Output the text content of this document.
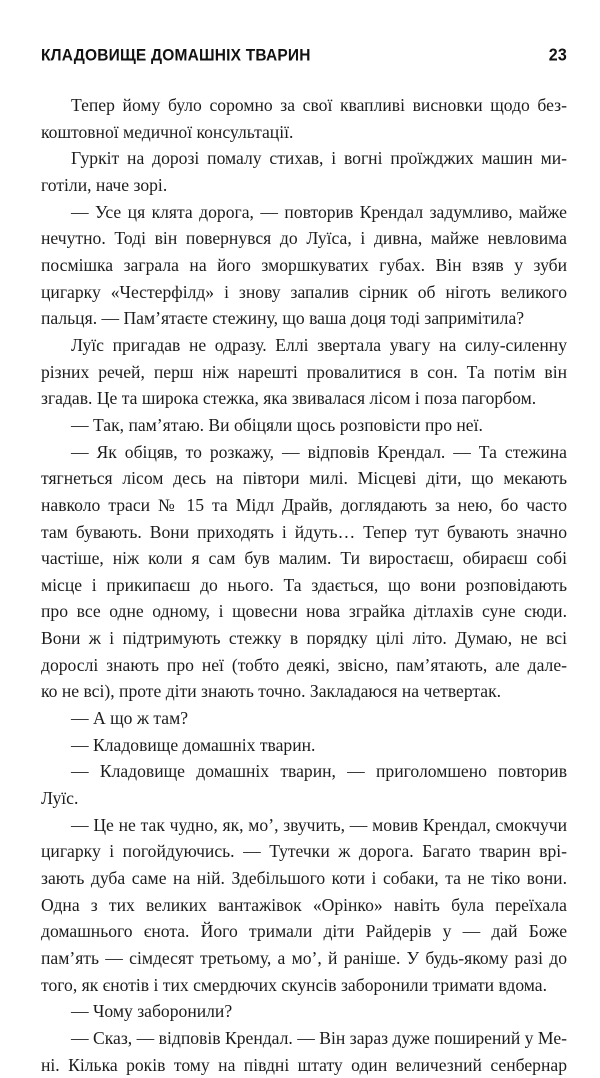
КЛАДОВИЩЕ ДОМАШНІХ ТВАРИН	23

Тепер йому було соромно за свої квапливі висновки щодо без-
коштовної медичної консультації.

Гуркіт на дорозі помалу стихав, і вогні проїжджих машин ми-
готіли, наче зорі.

— Усе ця клята дорога, — повторив Крендал задумливо, майже
нечутно. Тоді він повернувся до Луїса, і дивна, майже невловима
посмішка заграла на його зморшкуватих губах. Він взяв у зуби
цигарку «Честерфілд» і знову запалив сірник об ніготь великого
пальця. — Пам’ятаєте стежину, що ваша доця тоді запримітила?

Луїс пригадав не одразу. Еллі звертала увагу на силу-силенну
різних речей, перш ніж нарешті провалитися в сон. Та потім він
згадав. Це та широка стежка, яка звивалася лісом і поза пагорбом.

— Так, пам’ятаю. Ви обіцяли щось розповісти про неї.

— Як обіцяв, то розкажу, — відповів Крендал. — Та стежина
тягнеться лісом десь на півтори милі. Місцеві діти, що мекають
навколо траси № 15 та Мідл Драйв, доглядають за нею, бо часто
там бувають. Вони приходять і йдуть… Тепер тут бувають значно
частіше, ніж коли я сам був малим. Ти виростаєш, обираєш собі
місце і прикипаєш до нього. Та здається, що вони розповідають
про все одне одному, і щовесни нова зграйка дітлахів суне сюди.
Вони ж і підтримують стежку в порядку цілі літо. Думаю, не всі
дорослі знають про неї (тобто деякі, звісно, пам’ятають, але дале-
ко не всі), проте діти знають точно. Закладаюся на четвертак.

— А що ж там?

— Кладовище домашніх тварин.

— Кладовище домашніх тварин, — приголомшено повторив
Луїс.

— Це не так чудно, як, мо’, звучить, — мовив Крендал, смокчучи
цигарку і погойдуючись. — Тутечки ж дорога. Багато тварин врі-
зають дуба саме на ній. Здебільшого коти і собаки, та не тіко вони.
Одна з тих великих вантажівок «Орінко» навіть була переїхала
домашнього єнота. Його тримали діти Райдерів у — дай Боже
пам’ять — сімдесят третьому, а мо’, й раніше. У будь-якому разі до
того, як єнотів і тих смердючих скунсів заборонили тримати вдома.

— Чому заборонили?

— Сказ, — відповів Крендал. — Він зараз дуже поширений у Ме-
ні. Кілька років тому на півдні штату один величезний сенбернар
